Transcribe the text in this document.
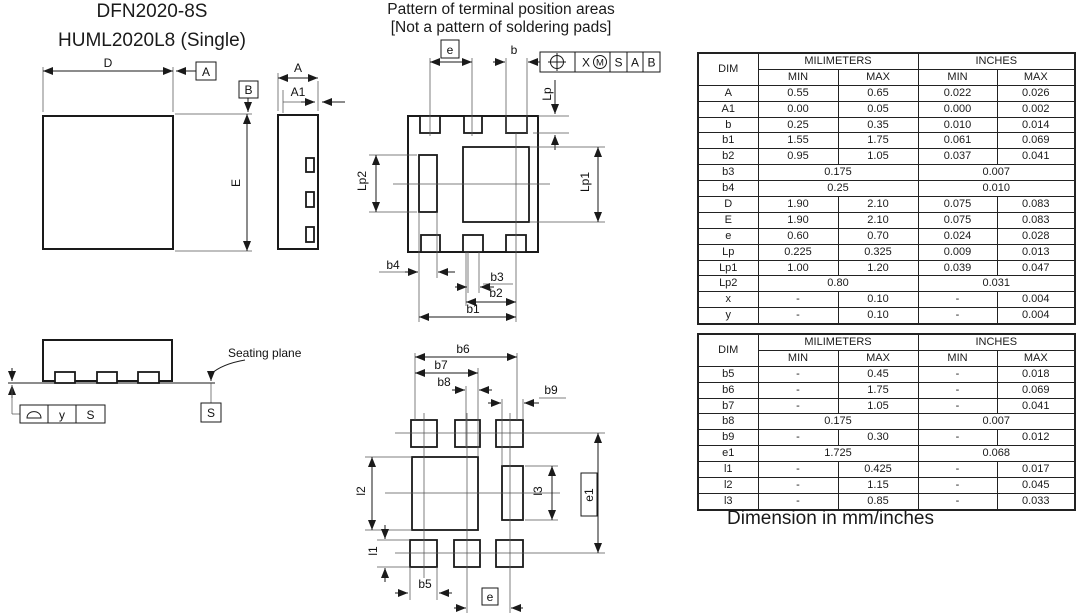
DFN2020-8S
HUML2020L8 (Single)
Pattern of terminal position areas
[Not a pattern of soldering pads]
D
A
B
E
A
A1
y S
Seating plane
S
e	b
X M S A B
Lp
Lp1
Lp2
b4
b3
b2
b1
b6
b7
b8
b9
l2
l1
b5
e
l3	e1
DIM	MILIMETERS		INCHES	
	MIN	MAX	MIN	MAX
A	0.55	0.65	0.022	0.026
A1	0.00	0.05	0.000	0.002
b	0.25	0.35	0.010	0.014
b1	1.55	1.75	0.061	0.069
b2	0.95	1.05	0.037	0.041
b3	0.175		0.007	
b4	0.25		0.010	
D	1.90	2.10	0.075	0.083
E	1.90	2.10	0.075	0.083
e	0.60	0.70	0.024	0.028
Lp	0.225	0.325	0.009	0.013
Lp1	1.00	1.20	0.039	0.047
Lp2	0.80		0.031	
x	-	0.10	-	0.004
y	-	0.10	-	0.004
DIM	MILIMETERS		INCHES	
	MIN	MAX	MIN	MAX
b5	-	0.45	-	0.018
b6	-	1.75	-	0.069
b7	-	1.05	-	0.041
b8	0.175		0.007	
b9	-	0.30	-	0.012
e1	1.725		0.068	
l1	-	0.425	-	0.017
l2	-	1.15	-	0.045
l3	-	0.85	-	0.033
Dimension in mm/inches
